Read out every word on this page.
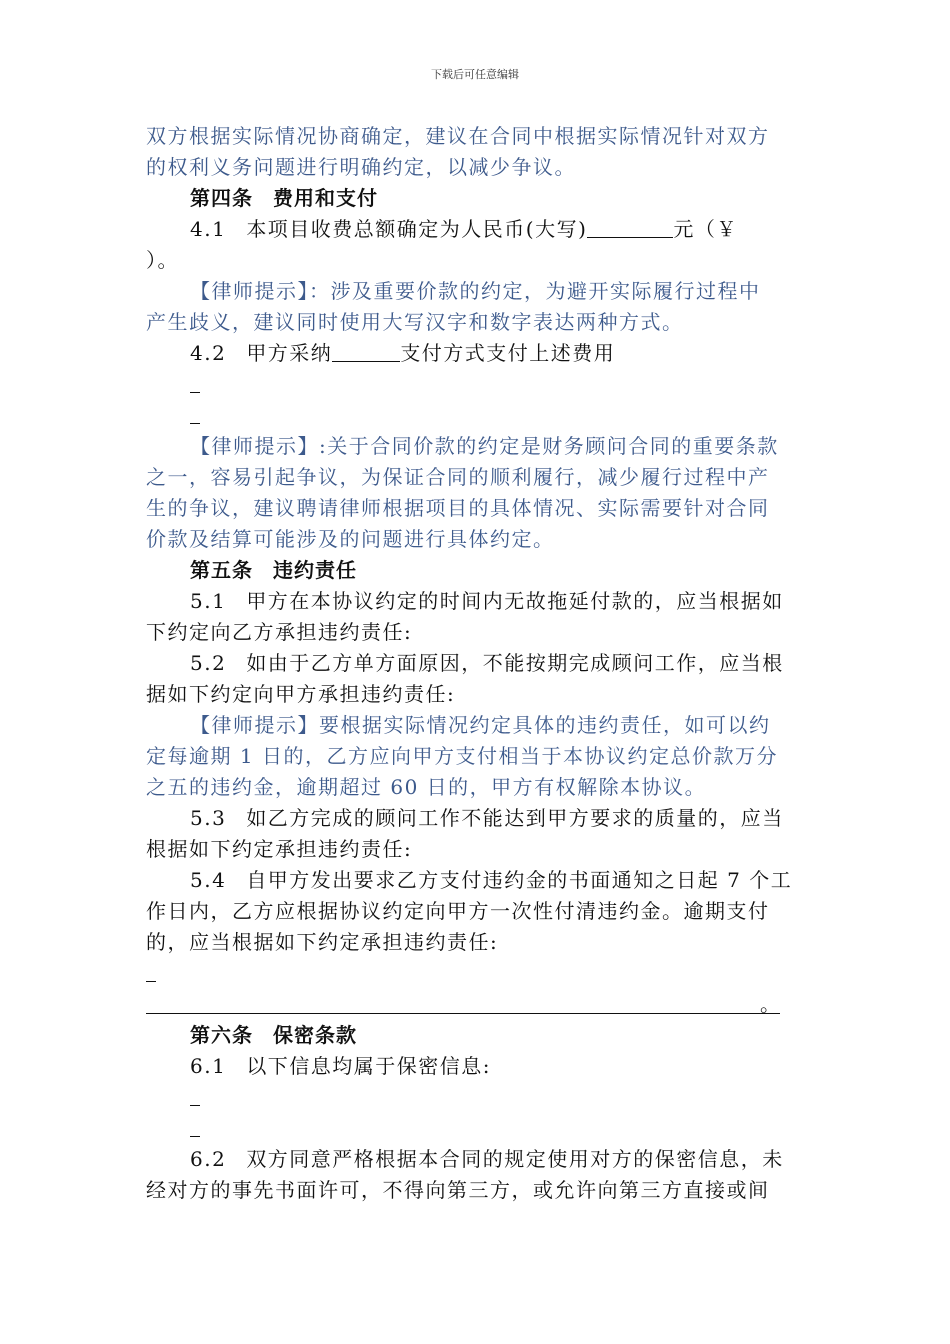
下载后可任意编辑
双方根据实际情况协商确定，建议在合同中根据实际情况针对双方
的权利义务问题进行明确约定，以减少争议。
第四条 费用和支付
4.1 本项目收费总额确定为人民币(大写)	元（￥
）。
【律师提示】：涉及重要价款的约定，为避开实际履行过程中
产生歧义，建议同时使用大写汉字和数字表达两种方式。
4.2 甲方采纳	支付方式支付上述费用
【律师提示】:关于合同价款的约定是财务顾问合同的重要条款
之一，容易引起争议，为保证合同的顺利履行，减少履行过程中产
生的争议，建议聘请律师根据项目的具体情况、实际需要针对合同
价款及结算可能涉及的问题进行具体约定。
第五条 违约责任
5.1 甲方在本协议约定的时间内无故拖延付款的，应当根据如
下约定向乙方承担违约责任:
5.2 如由于乙方单方面原因，不能按期完成顾问工作，应当根
据如下约定向甲方承担违约责任:
【律师提示】要根据实际情况约定具体的违约责任，如可以约
定每逾期 1 日的，乙方应向甲方支付相当于本协议约定总价款万分
之五的违约金，逾期超过 60 日的，甲方有权解除本协议。
5.3 如乙方完成的顾问工作不能达到甲方要求的质量的，应当
根据如下约定承担违约责任:
5.4 自甲方发出要求乙方支付违约金的书面通知之日起 7 个工
作日内，乙方应根据协议约定向甲方一次性付清违约金。逾期支付
的，应当根据如下约定承担违约责任:
。
第六条 保密条款
6.1 以下信息均属于保密信息:
6.2 双方同意严格根据本合同的规定使用对方的保密信息，未
经对方的事先书面许可，不得向第三方，或允许向第三方直接或间
